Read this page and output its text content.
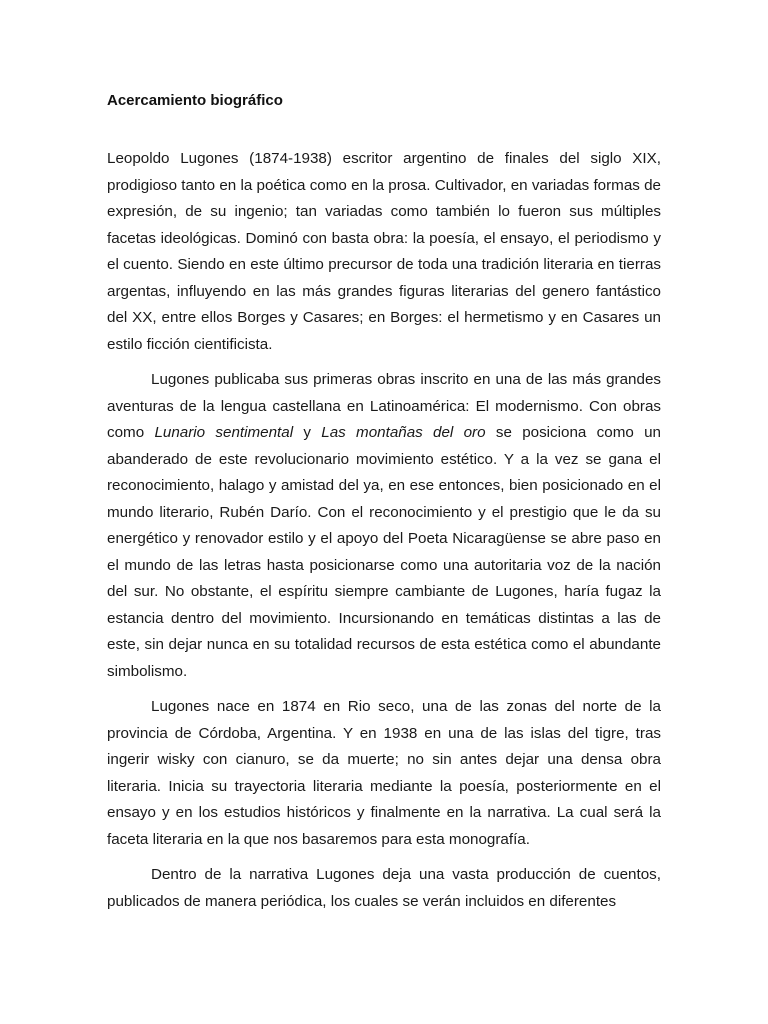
Acercamiento biográfico

Leopoldo Lugones (1874-1938) escritor argentino de finales del siglo XIX, prodigioso tanto en la poética como en la prosa. Cultivador, en variadas formas de expresión, de su ingenio; tan variadas como también lo fueron sus múltiples facetas ideológicas. Dominó con basta obra: la poesía, el ensayo, el periodismo y el cuento. Siendo en este último precursor de toda una tradición literaria en tierras argentas, influyendo en las más grandes figuras literarias del genero fantástico del XX, entre ellos Borges y Casares; en Borges: el hermetismo y en Casares un estilo ficción cientificista.

Lugones publicaba sus primeras obras inscrito en una de las más grandes aventuras de la lengua castellana en Latinoamérica: El modernismo. Con obras como Lunario sentimental y Las montañas del oro se posiciona como un abanderado de este revolucionario movimiento estético. Y a la vez se gana el reconocimiento, halago y amistad del ya, en ese entonces, bien posicionado en el mundo literario, Rubén Darío. Con el reconocimiento y el prestigio que le da su energético y renovador estilo y el apoyo del Poeta Nicaragüense se abre paso en el mundo de las letras hasta posicionarse como una autoritaria voz de la nación del sur. No obstante, el espíritu siempre cambiante de Lugones, haría fugaz la estancia dentro del movimiento. Incursionando en temáticas distintas a las de este, sin dejar nunca en su totalidad recursos de esta estética como el abundante simbolismo.

Lugones nace en 1874 en Rio seco, una de las zonas del norte de la provincia de Córdoba, Argentina. Y en 1938 en una de las islas del tigre, tras ingerir wisky con cianuro, se da muerte; no sin antes dejar una densa obra literaria. Inicia su trayectoria literaria mediante la poesía, posteriormente en el ensayo y en los estudios históricos y finalmente en la narrativa. La cual será la faceta literaria en la que nos basaremos para esta monografía.

Dentro de la narrativa Lugones deja una vasta producción de cuentos, publicados de manera periódica, los cuales se verán incluidos en diferentes
